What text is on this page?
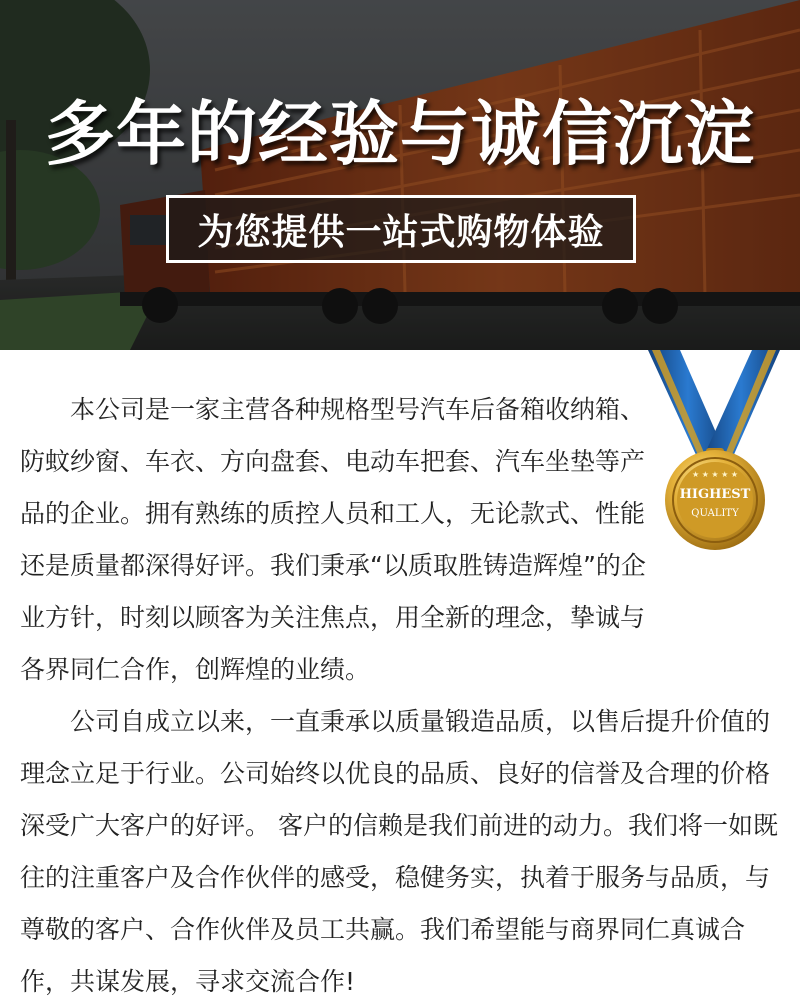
多年的经验与诚信沉淀
为您提供一站式购物体验
★ ★ ★ ★ ★
HIGHEST
QUALITY

本公司是一家主营各种规格型号汽车后备箱收纳箱、防蚊纱窗、车衣、方向盘套、电动车把套、汽车坐垫等产品的企业。拥有熟练的质控人员和工人，无论款式、性能还是质量都深得好评。我们秉承“以质取胜铸造辉煌”的企业方针，时刻以顾客为关注焦点，用全新的理念，挚诚与各界同仁合作，创辉煌的业绩。

公司自成立以来，一直秉承以质量锻造品质，以售后提升价值的理念立足于行业。公司始终以优良的品质、良好的信誉及合理的价格深受广大客户的好评。 客户的信赖是我们前进的动力。我们将一如既往的注重客户及合作伙伴的感受，稳健务实，执着于服务与品质，与尊敬的客户、合作伙伴及员工共赢。我们希望能与商界同仁真诚合作，共谋发展，寻求交流合作!
